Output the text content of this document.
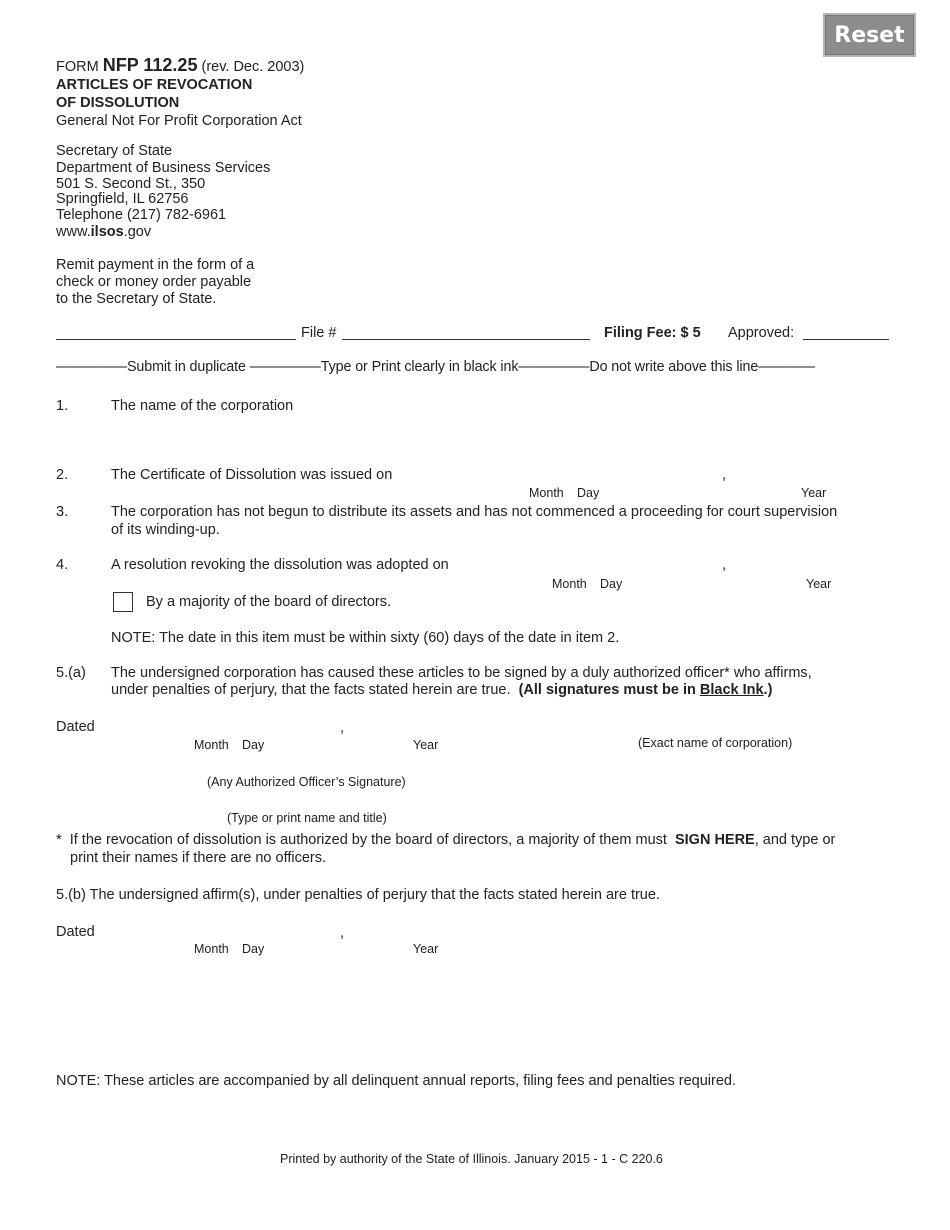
Reset
FORM NFP 112.25 (rev. Dec. 2003)
ARTICLES OF REVOCATION
OF DISSOLUTION
General Not For Profit Corporation Act
Secretary of State
Department of Business Services
501 S. Second St., 350
Springfield, IL 62756
Telephone (217) 782-6961
www.ilsos.gov
Remit payment in the form of a
check or money order payable
to the Secretary of State.
File #	Filing Fee: $ 5 Approved:
—————Submit in duplicate —————Type or Print clearly in black ink—————Do not write above this line————
1.	The name of the corporation
2.	The Certificate of Dissolution was issued on	,
Month Day	Year
3.	The corporation has not begun to distribute its assets and has not commenced a proceeding for court supervision
of its winding-up.
4.	A resolution revoking the dissolution was adopted on	,
Month Day	Year
By a majority of the board of directors.
NOTE: The date in this item must be within sixty (60) days of the date in item 2.
5.(a) The undersigned corporation has caused these articles to be signed by a duly authorized officer* who affirms,
under penalties of perjury, that the facts stated herein are true.  (All signatures must be in Black Ink.)
Dated	,
Month Day	Year	(Exact name of corporation)
(Any Authorized Officer’s Signature)
(Type or print name and title)
*  If the revocation of dissolution is authorized by the board of directors, a majority of them must  SIGN HERE, and type or
print their names if there are no officers.
5.(b) The undersigned affirm(s), under penalties of perjury that the facts stated herein are true.
Dated	,
Month Day	Year
NOTE: These articles are accompanied by all delinquent annual reports, filing fees and penalties required.
Printed by authority of the State of Illinois. January 2015 - 1 - C 220.6
